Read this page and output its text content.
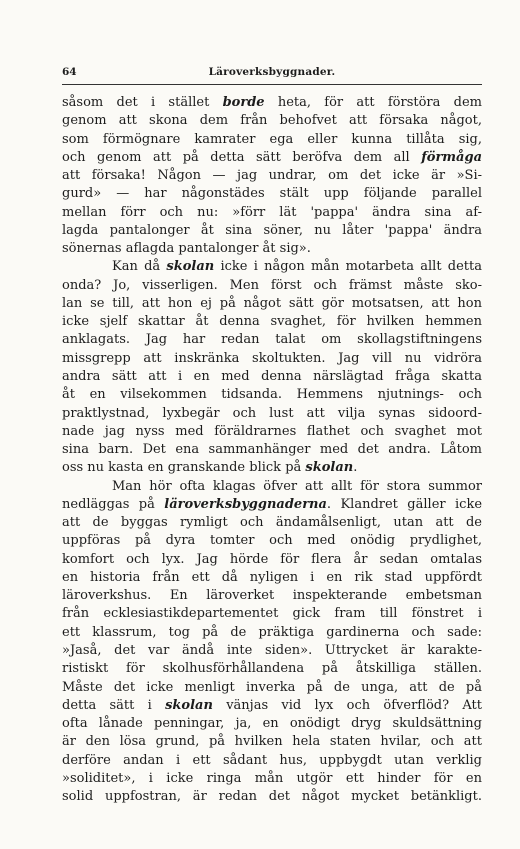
64	Läroverksbyggnader.
såsom det i stället borde heta, för att förstöra dem
genom att skona dem från behofvet att försaka något,
som förmögnare kamrater ega eller kunna tillåta sig,
och genom att på detta sätt beröfva dem all förmåga
att försaka! Någon — jag undrar, om det icke är »Si-
gurd» — har någonstädes stält upp följande parallel
mellan förr och nu: »förr lät 'pappa' ändra sina af-
lagda pantalonger åt sina söner, nu låter 'pappa' ändra
sönernas aflagda pantalonger åt sig».
Kan då skolan icke i någon mån motarbeta allt detta
onda? Jo, visserligen. Men först och främst måste sko-
lan se till, att hon ej på något sätt gör motsatsen, att hon
icke sjelf skattar åt denna svaghet, för hvilken hemmen
anklagats. Jag har redan talat om skollagstiftningens
missgrepp att inskränka skoltukten. Jag vill nu vidröra
andra sätt att i en med denna närslägtad fråga skatta
åt en vilsekommen tidsanda. Hemmens njutnings- och
praktlystnad, lyxbegär och lust att vilja synas sidoord-
nade jag nyss med föräldrarnes flathet och svaghet mot
sina barn. Det ena sammanhänger med det andra. Låtom
oss nu kasta en granskande blick på skolan.
Man hör ofta klagas öfver att allt för stora summor
nedläggas på läroverksbyggnaderna. Klandret gäller icke
att de byggas rymligt och ändamålsenligt, utan att de
uppföras på dyra tomter och med onödig prydlighet,
komfort och lyx. Jag hörde för flera år sedan omtalas
en historia från ett då nyligen i en rik stad uppfördt
läroverkshus. En läroverket inspekterande embetsman
från ecklesiastikdepartementet gick fram till fönstret i
ett klassrum, tog på de präktiga gardinerna och sade:
»Jaså, det var ändå inte siden». Uttrycket är karakte-
ristiskt för skolhusförhållandena på åtskilliga ställen.
Måste det icke menligt inverka på de unga, att de på
detta sätt i skolan vänjas vid lyx och öfverflöd? Att
ofta lånade penningar, ja, en onödigt dryg skuldsättning
är den lösa grund, på hvilken hela staten hvilar, och att
derföre andan i ett sådant hus, uppbygdt utan verklig
»soliditet», i icke ringa mån utgör ett hinder för en
solid uppfostran, är redan det något mycket betänkligt.
